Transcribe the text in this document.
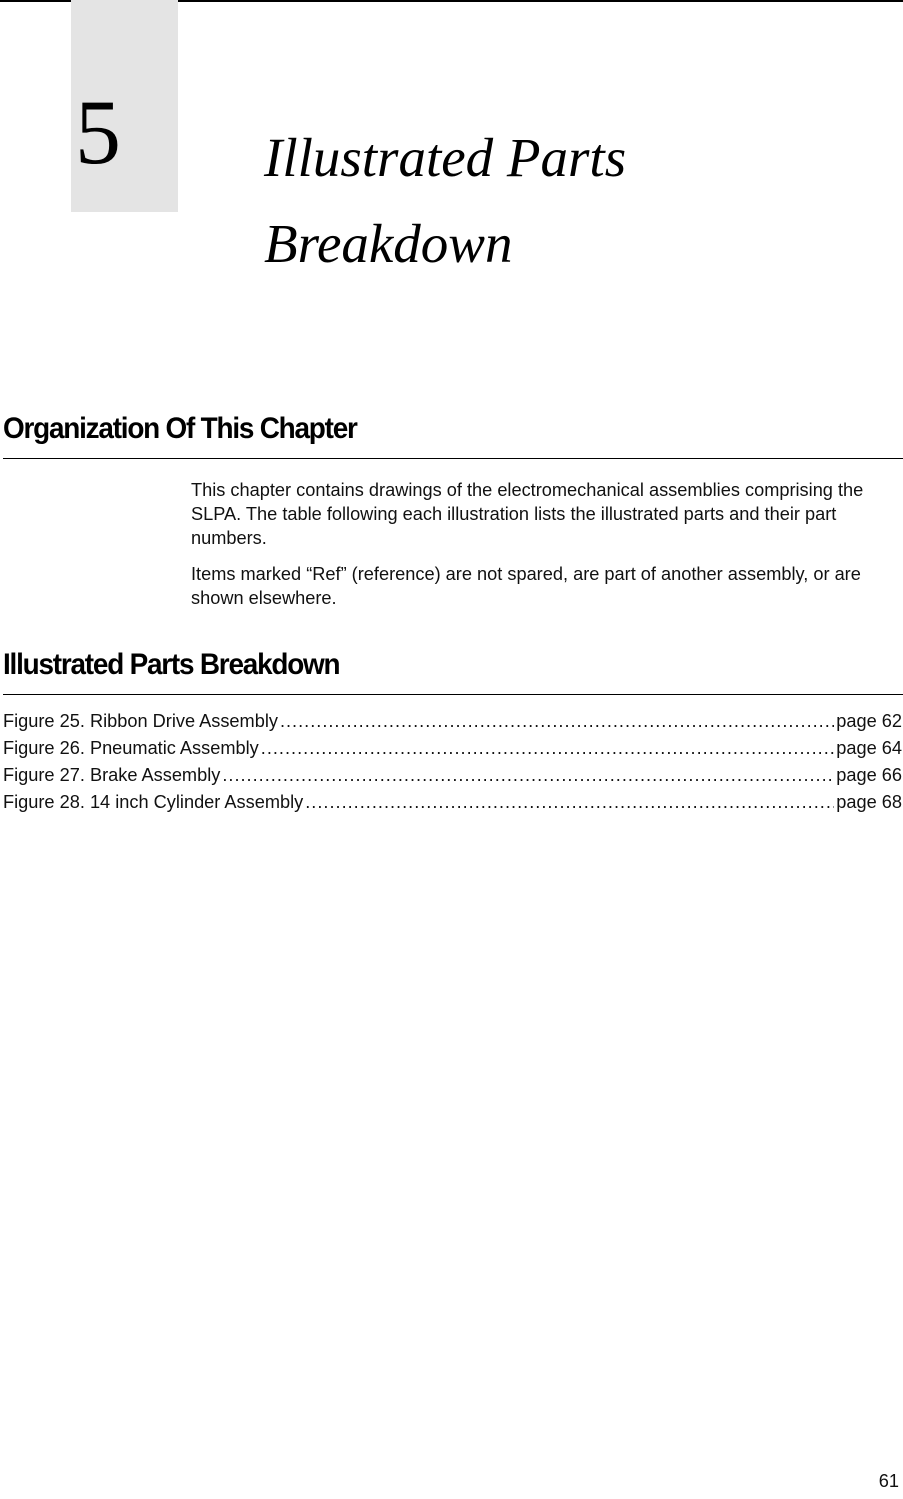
5	Illustrated Parts
Breakdown
Organization Of This Chapter

This chapter contains drawings of the electromechanical assemblies comprising the SLPA. The table following each illustration lists the illustrated parts and their part numbers.

Items marked “Ref” (reference) are not spared, are part of another assembly, or are shown elsewhere.

Illustrated Parts Breakdown
Figure 25. Ribbon Drive Assembly .....	page 62
Figure 26. Pneumatic Assembly .....	page 64
Figure 27. Brake Assembly .....	page 66
Figure 28. 14 inch Cylinder Assembly .....	page 68
61
